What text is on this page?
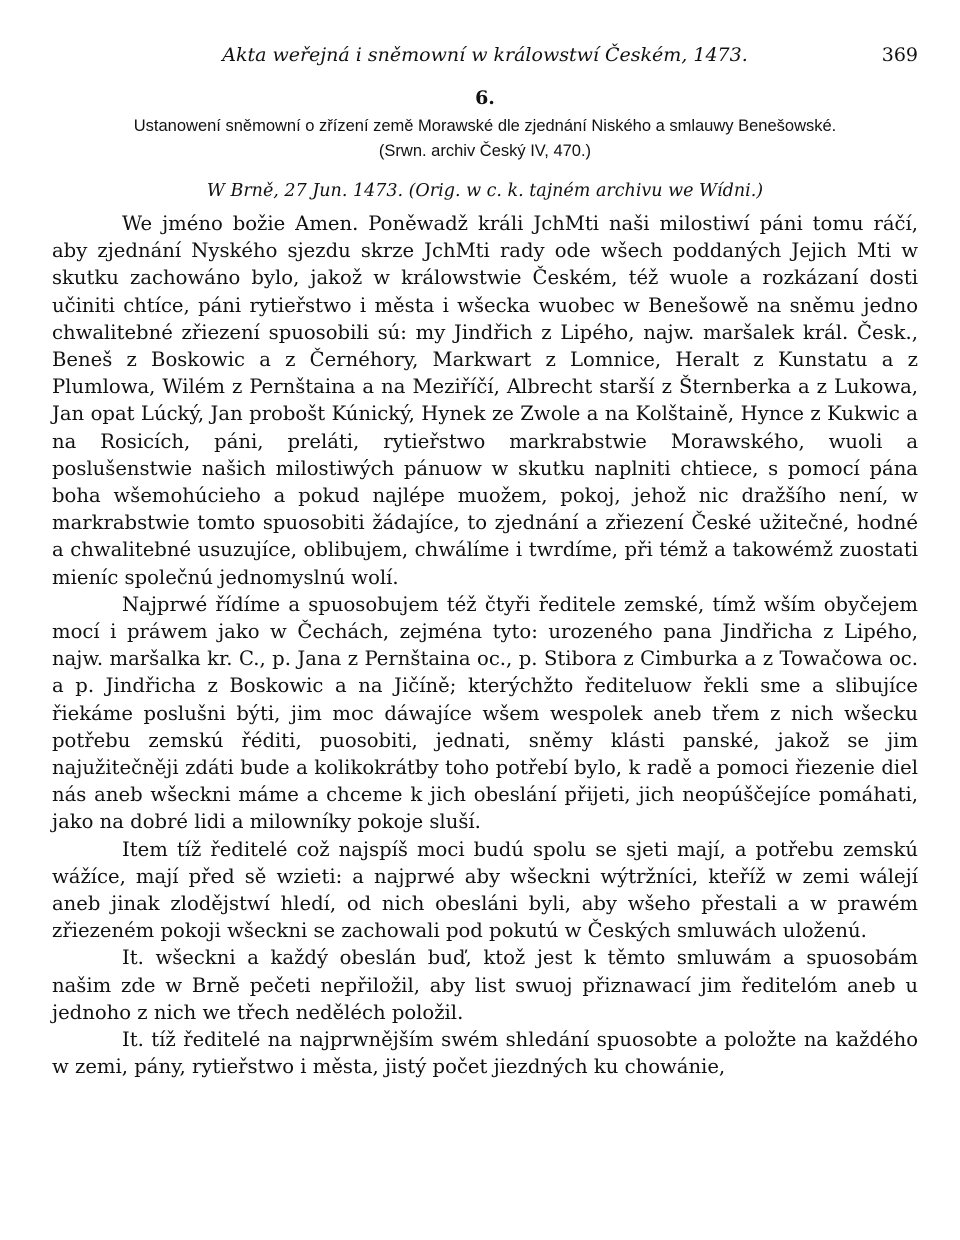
Akta weřejná i sněmowní w králowstwí Českém, 1473.	369
6.
Ustanowení sněmowní o zřízení země Morawské dle zjednání Niského a smlauwy Benešowské.
(Srwn. archiv Český IV, 470.)
W Brně, 27 Jun. 1473. (Orig. w c. k. tajném archivu we Wídni.)

We jméno božie Amen. Poněwadž králi JchMti naši milostiwí páni tomu ráčí, aby zjednání Nyského sjezdu skrze JchMti rady ode wšech poddaných Jejich Mti w skutku zachowáno bylo, jakož w králowstwie Českém, též wuole a rozkázaní dosti učiniti chtíce, páni rytieřstwo i města i wšecka wuobec w Benešowě na sněmu jedno chwalitebné zřiezení spuosobili sú: my Jindřich z Lipého, najw. maršalek král. Česk., Beneš z Boskowic a z Černéhory, Markwart z Lomnice, Heralt z Kunstatu a z Plumlowa, Wilém z Pernštaina a na Meziříčí, Albrecht starší z Šternberka a z Lukowa, Jan opat Lúcký, Jan probošt Kúnický, Hynek ze Zwole a na Kolštaině, Hynce z Kukwic a na Rosicích, páni, preláti, rytieřstwo markrabstwie Morawského, wuoli a poslušenstwie našich milostiwých pánuow w skutku naplniti chtiece, s pomocí pána boha wšemohúcieho a pokud najlépe muožem, pokoj, jehož nic dražšího není, w markrabstwie tomto spuosobiti žádajíce, to zjednání a zřiezení České užitečné, hodné a chwalitebné usuzujíce, oblibujem, chwálíme i twrdíme, při témž a takowémž zuostati mieníc společnú jednomyslnú wolí.

Najprwé řídíme a spuosobujem též čtyři ředitele zemské, tímž wším obyčejem mocí i práwem jako w Čechách, zejména tyto: urozeného pana Jindřicha z Lipého, najw. maršalka kr. C., p. Jana z Pernštaina oc., p. Stibora z Cimburka a z Towačowa oc. a p. Jindřicha z Boskowic a na Jičíně; kterýchžto řediteluow řekli sme a slibujíce řiekáme poslušni býti, jim moc dáwajíce wšem wespolek aneb třem z nich wšecku potřebu zemskú řéditi, puosobiti, jednati, sněmy klásti panské, jakož se jim najužitečněji zdáti bude a kolikokrátby toho potřebí bylo, k radě a pomoci řiezenie diel nás aneb wšeckni máme a chceme k jich obeslání přijeti, jich neopúščejíce pomáhati, jako na dobré lidi a milowníky pokoje sluší.

Item tíž ředitelé což najspíš moci budú spolu se sjeti mají, a potřebu zemskú wážíce, mají před sě wzieti: a najprwé aby wšeckni wýtržníci, kteříž w zemi wálejí aneb jinak zlodějstwí hledí, od nich obesláni byli, aby wšeho přestali a w prawém zřiezeném pokoji wšeckni se zachowali pod pokutú w Českých smluwách uloženú.

It. wšeckni a každý obeslán buď, ktož jest k těmto smluwám a spuosobám našim zde w Brně pečeti nepřiložil, aby list swuoj přiznawací jim ředitelóm aneb u jednoho z nich we třech neděléch položil.

It. tíž ředitelé na najprwnějším swém shledání spuosobte a položte na každého w zemi, pány, rytieřstwo i města, jistý počet jiezdných ku chowánie,
